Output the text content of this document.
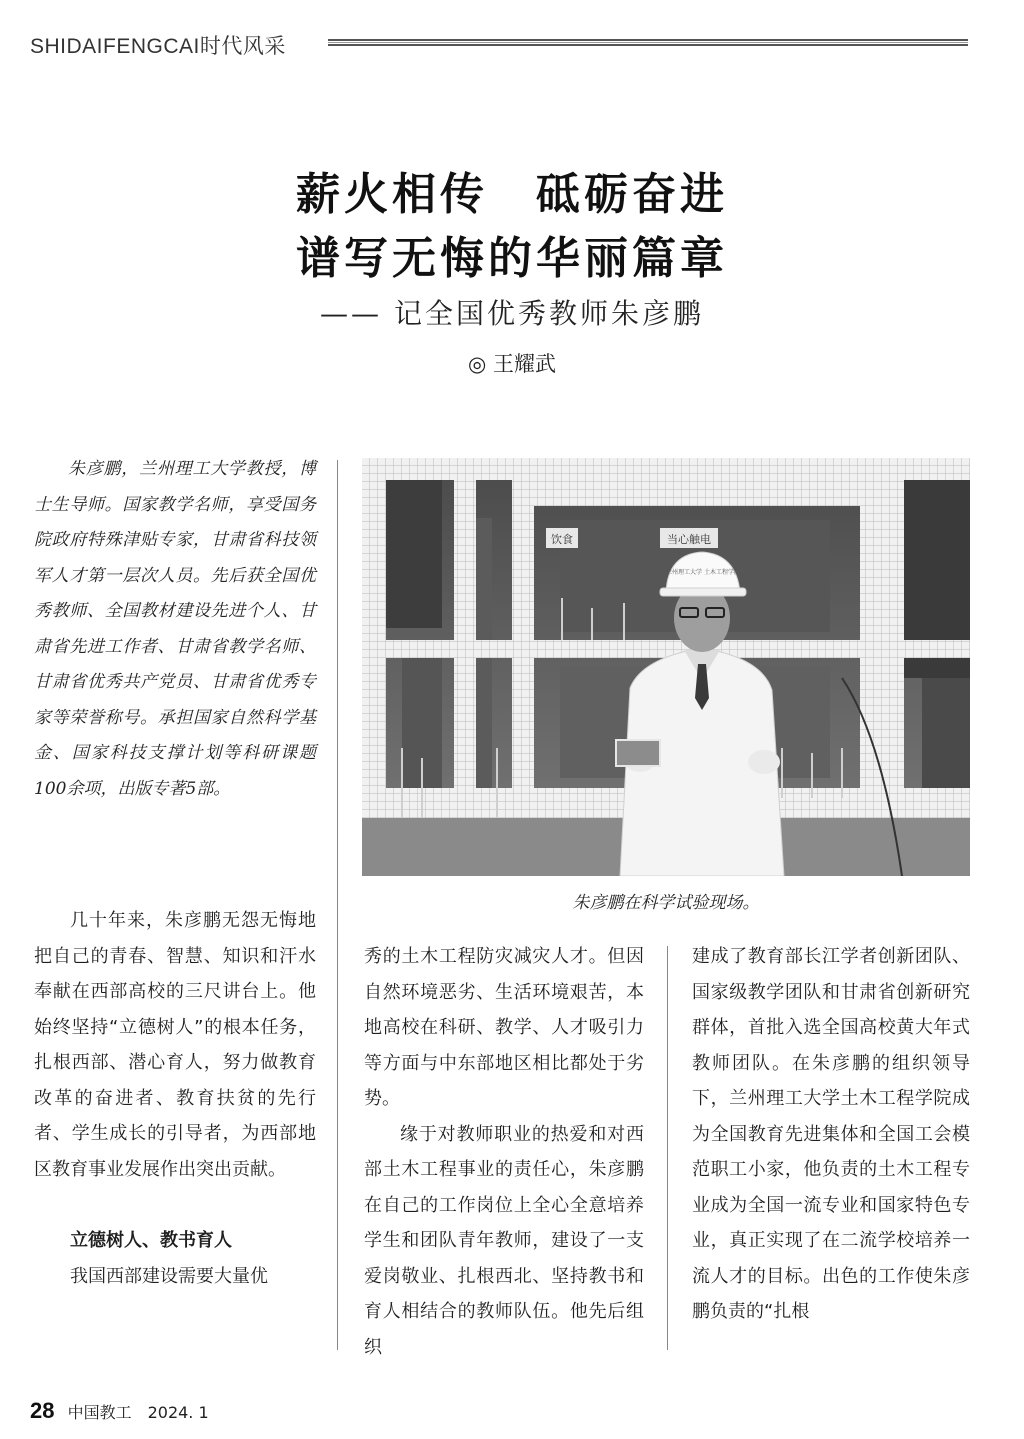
SHIDAIFENGCAI时代风采
薪火相传　砥砺奋进
谱写无悔的华丽篇章
—— 记全国优秀教师朱彦鹏
◎ 王耀武

朱彦鹏，兰州理工大学教授，博士生导师。国家教学名师，享受国务院政府特殊津贴专家，甘肃省科技领军人才第一层次人员。先后获全国优秀教师、全国教材建设先进个人、甘肃省先进工作者、甘肃省教学名师、甘肃省优秀共产党员、甘肃省优秀专家等荣誉称号。承担国家自然科学基金、国家科技支撑计划等科研课题100余项，出版专著5部。

饮食	当心触电
兰州理工大学 土木工程学院
朱彦鹏在科学试验现场。

几十年来，朱彦鹏无怨无悔地把自己的青春、智慧、知识和汗水奉献在西部高校的三尺讲台上。他始终坚持“立德树人”的根本任务，扎根西部、潜心育人，努力做教育改革的奋进者、教育扶贫的先行者、学生成长的引导者，为西部地区教育事业发展作出突出贡献。

立德树人、教书育人

我国西部建设需要大量优

秀的土木工程防灾减灾人才。但因自然环境恶劣、生活环境艰苦，本地高校在科研、教学、人才吸引力等方面与中东部地区相比都处于劣势。

缘于对教师职业的热爱和对西部土木工程事业的责任心，朱彦鹏在自己的工作岗位上全心全意培养学生和团队青年教师，建设了一支爱岗敬业、扎根西北、坚持教书和育人相结合的教师队伍。他先后组织

建成了教育部长江学者创新团队、国家级教学团队和甘肃省创新研究群体，首批入选全国高校黄大年式教师团队。在朱彦鹏的组织领导下，兰州理工大学土木工程学院成为全国教育先进集体和全国工会模范职工小家，他负责的土木工程专业成为全国一流专业和国家特色专业，真正实现了在二流学校培养一流人才的目标。出色的工作使朱彦鹏负责的“扎根

28 中国教工　2024. 1
